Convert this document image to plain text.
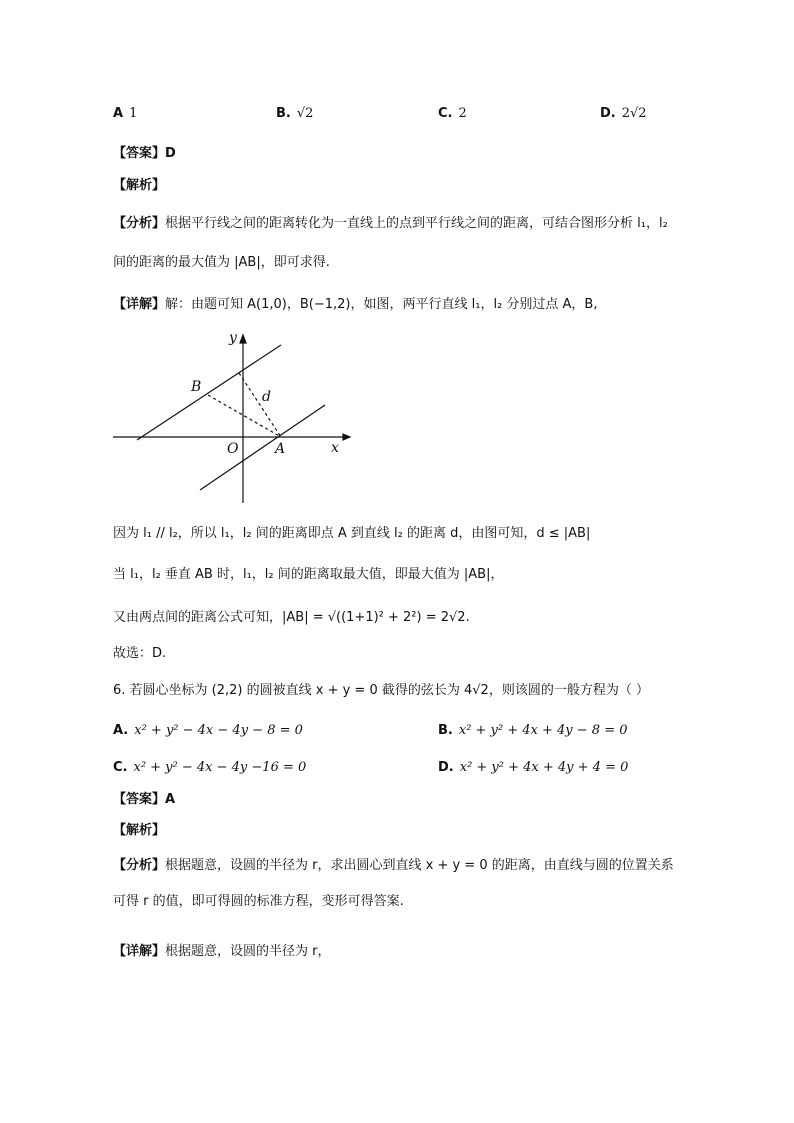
A 1	B. √2	C. 2	D. 2√2
【答案】D
【解析】
【分析】根据平行线之间的距离转化为一直线上的点到平行线之间的距离，可结合图形分析 l₁，l₂
间的距离的最大值为 |AB|，即可求得.
【详解】解：由题可知 A(1,0)，B(−1,2)，如图，两平行直线 l₁，l₂ 分别过点 A，B,
y
x
O	A
B
d
因为 l₁ // l₂，所以 l₁，l₂ 间的距离即点 A 到直线 l₂ 的距离 d，由图可知，d ≤ |AB|
当 l₁，l₂ 垂直 AB 时，l₁，l₂ 间的距离取最大值，即最大值为 |AB|，
又由两点间的距离公式可知，|AB| = √((1+1)² + 2²) = 2√2.
故选：D.
6. 若圆心坐标为 (2,2) 的圆被直线 x + y = 0 截得的弦长为 4√2，则该圆的一般方程为（ ）
A. x² + y² − 4x − 4y − 8 = 0	B. x² + y² + 4x + 4y − 8 = 0
C. x² + y² − 4x − 4y −16 = 0	D. x² + y² + 4x + 4y + 4 = 0
【答案】A
【解析】
【分析】根据题意，设圆的半径为 r，求出圆心到直线 x + y = 0 的距离，由直线与圆的位置关系
可得 r 的值，即可得圆的标准方程，变形可得答案.
【详解】根据题意，设圆的半径为 r，
